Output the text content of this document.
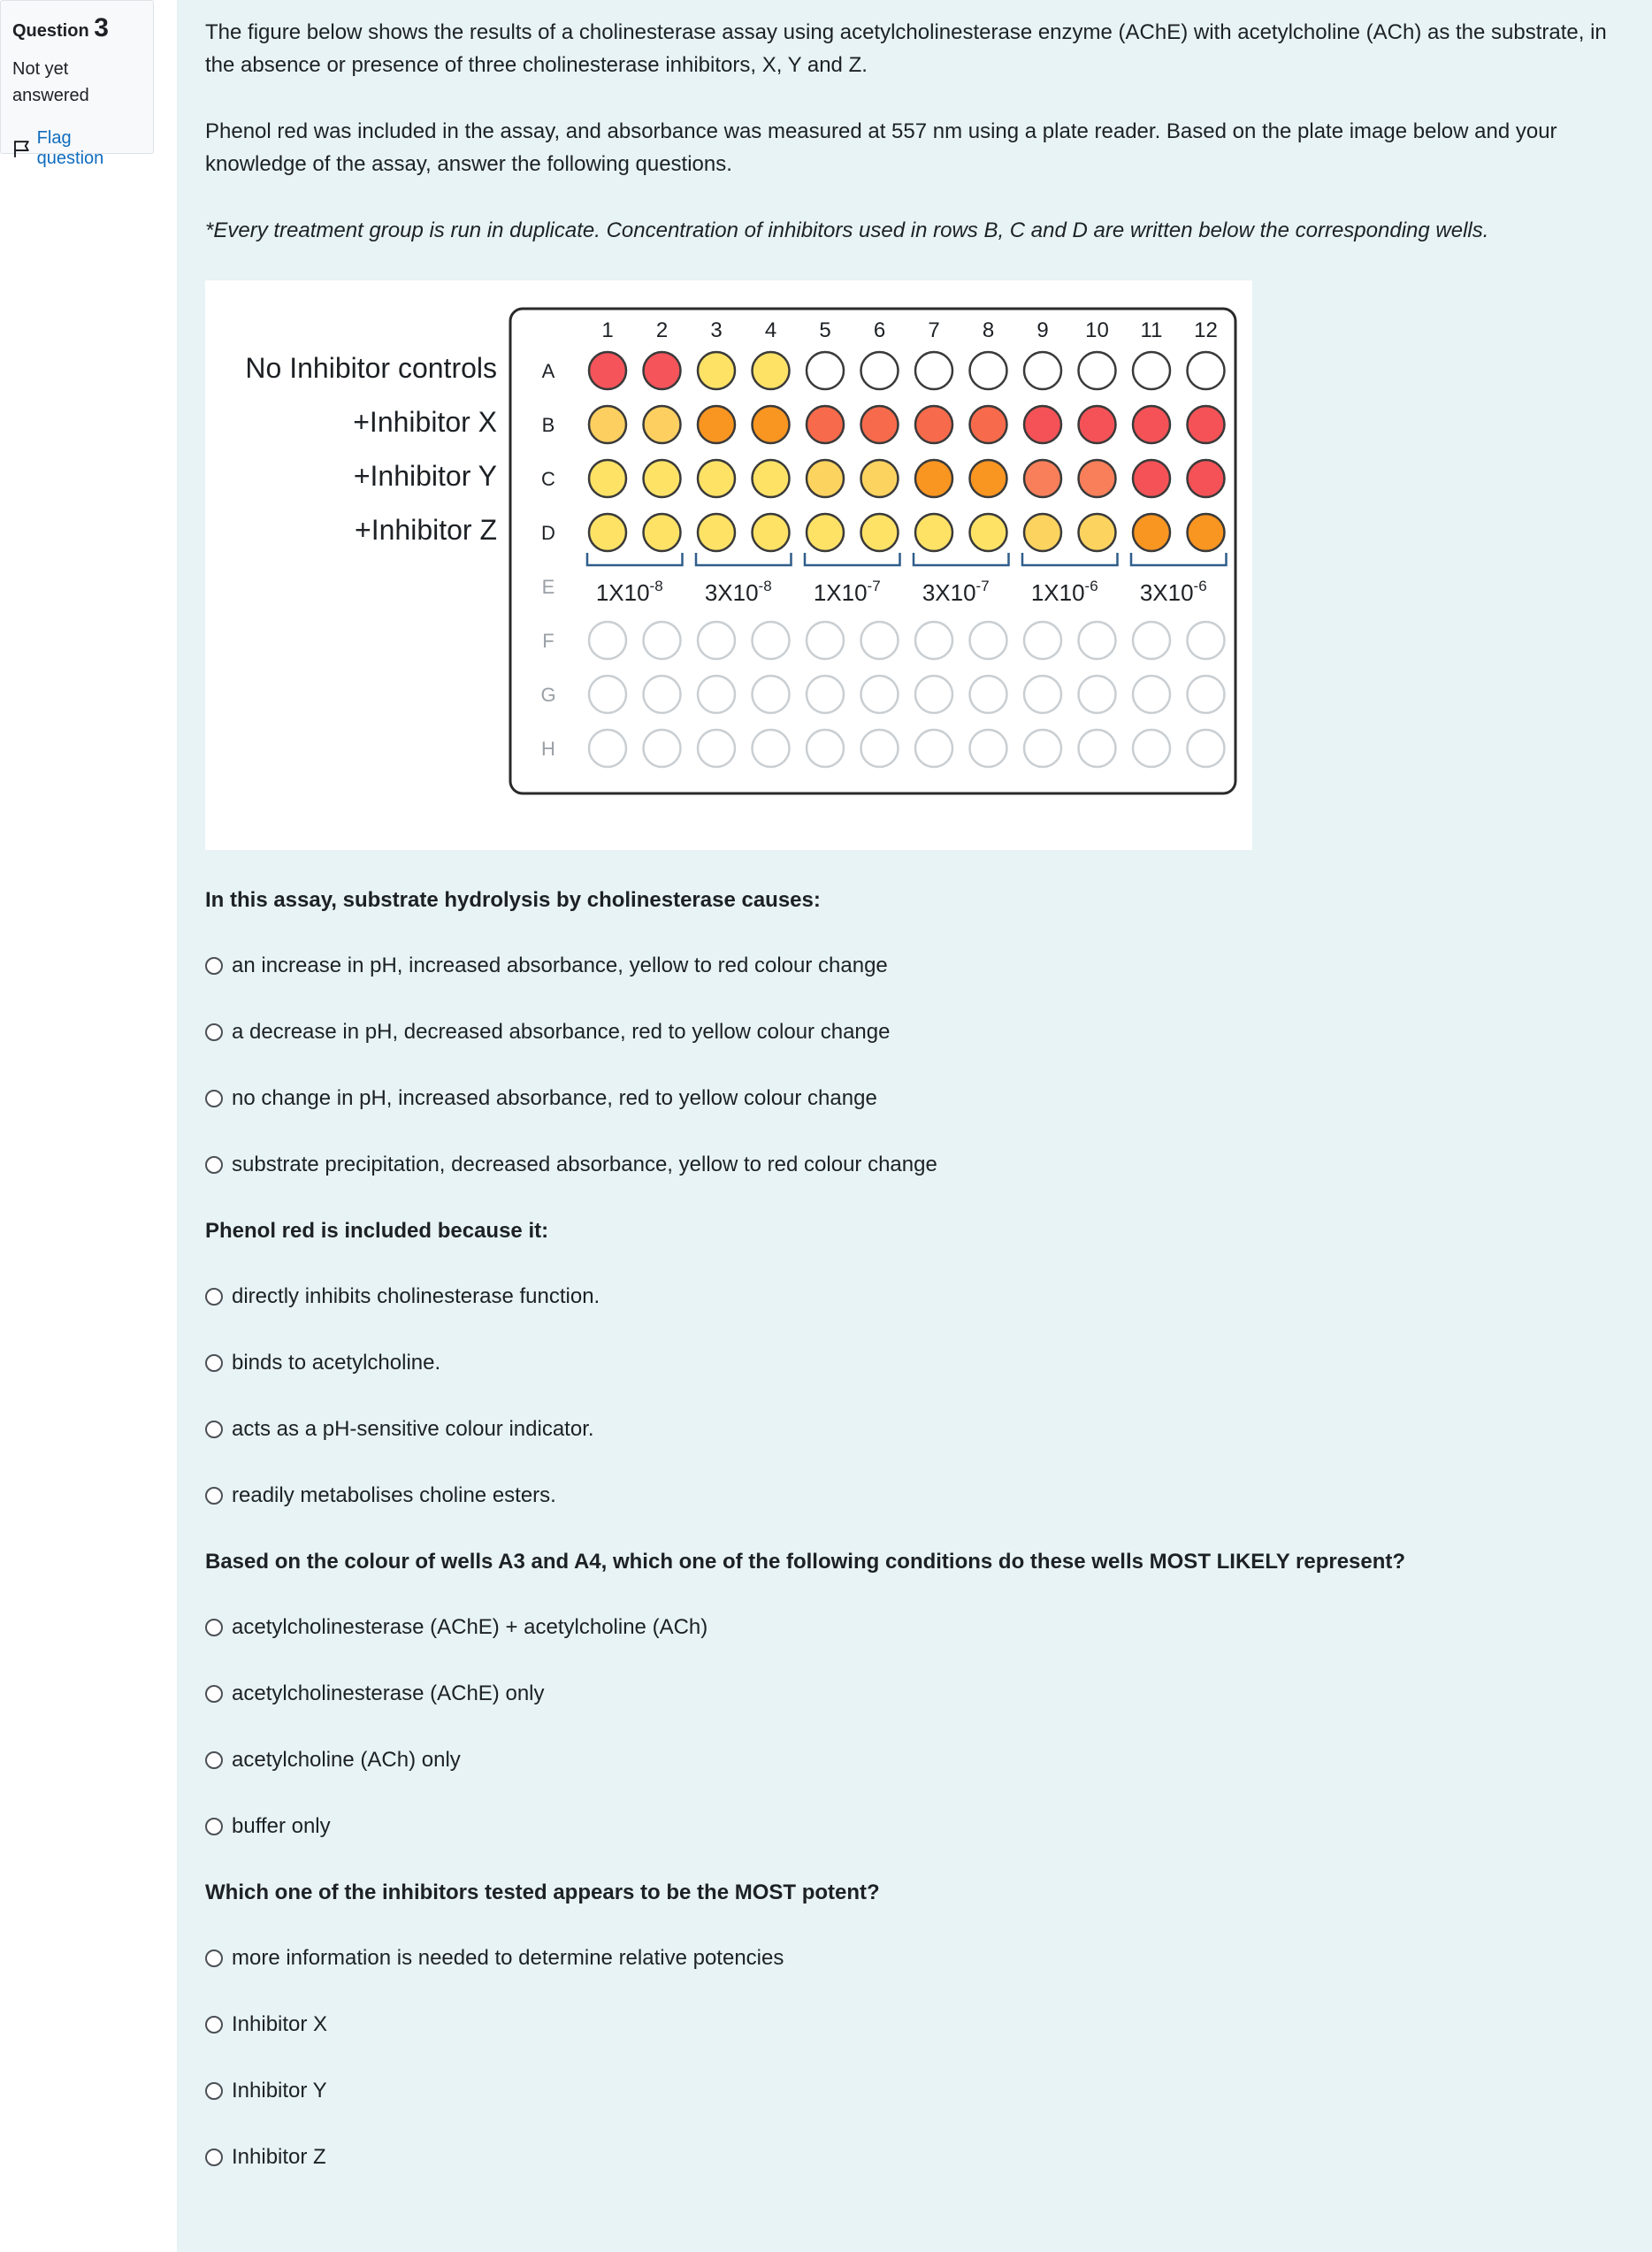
Question 3
Not yet
answered
Flag question

The figure below shows the results of a cholinesterase assay using acetylcholinesterase enzyme (AChE) with acetylcholine (ACh) as the substrate, in the absence or presence of three cholinesterase inhibitors, X, Y and Z.

Phenol red was included in the assay, and absorbance was measured at 557 nm using a plate reader. Based on the plate image below and your knowledge of the assay, answer the following questions.

*Every treatment group is run in duplicate. Concentration of inhibitors used in rows B, C and D are written below the corresponding wells.

1 2 3 4 5 6 7 8 9 10 11 12
A
B
C
D
E
F
G
H
No Inhibitor controls
+Inhibitor X
+Inhibitor Y
+Inhibitor Z
$1X10^{-8}$ $3X10^{-8}$ $1X10^{-7}$ $3X10^{-7}$ $1X10^{-6}$ $3X10^{-6}$
In this assay, substrate hydrolysis by cholinesterase causes:
an increase in pH, increased absorbance, yellow to red colour change
a decrease in pH, decreased absorbance, red to yellow colour change
no change in pH, increased absorbance, red to yellow colour change
substrate precipitation, decreased absorbance, yellow to red colour change
Phenol red is included because it:
directly inhibits cholinesterase function.
binds to acetylcholine.
acts as a pH-sensitive colour indicator.
readily metabolises choline esters.
Based on the colour of wells A3 and A4, which one of the following conditions do these wells MOST LIKELY represent?
acetylcholinesterase (AChE) + acetylcholine (ACh)
acetylcholinesterase (AChE) only
acetylcholine (ACh) only
buffer only
Which one of the inhibitors tested appears to be the MOST potent?
more information is needed to determine relative potencies
Inhibitor X
Inhibitor Y
Inhibitor Z
